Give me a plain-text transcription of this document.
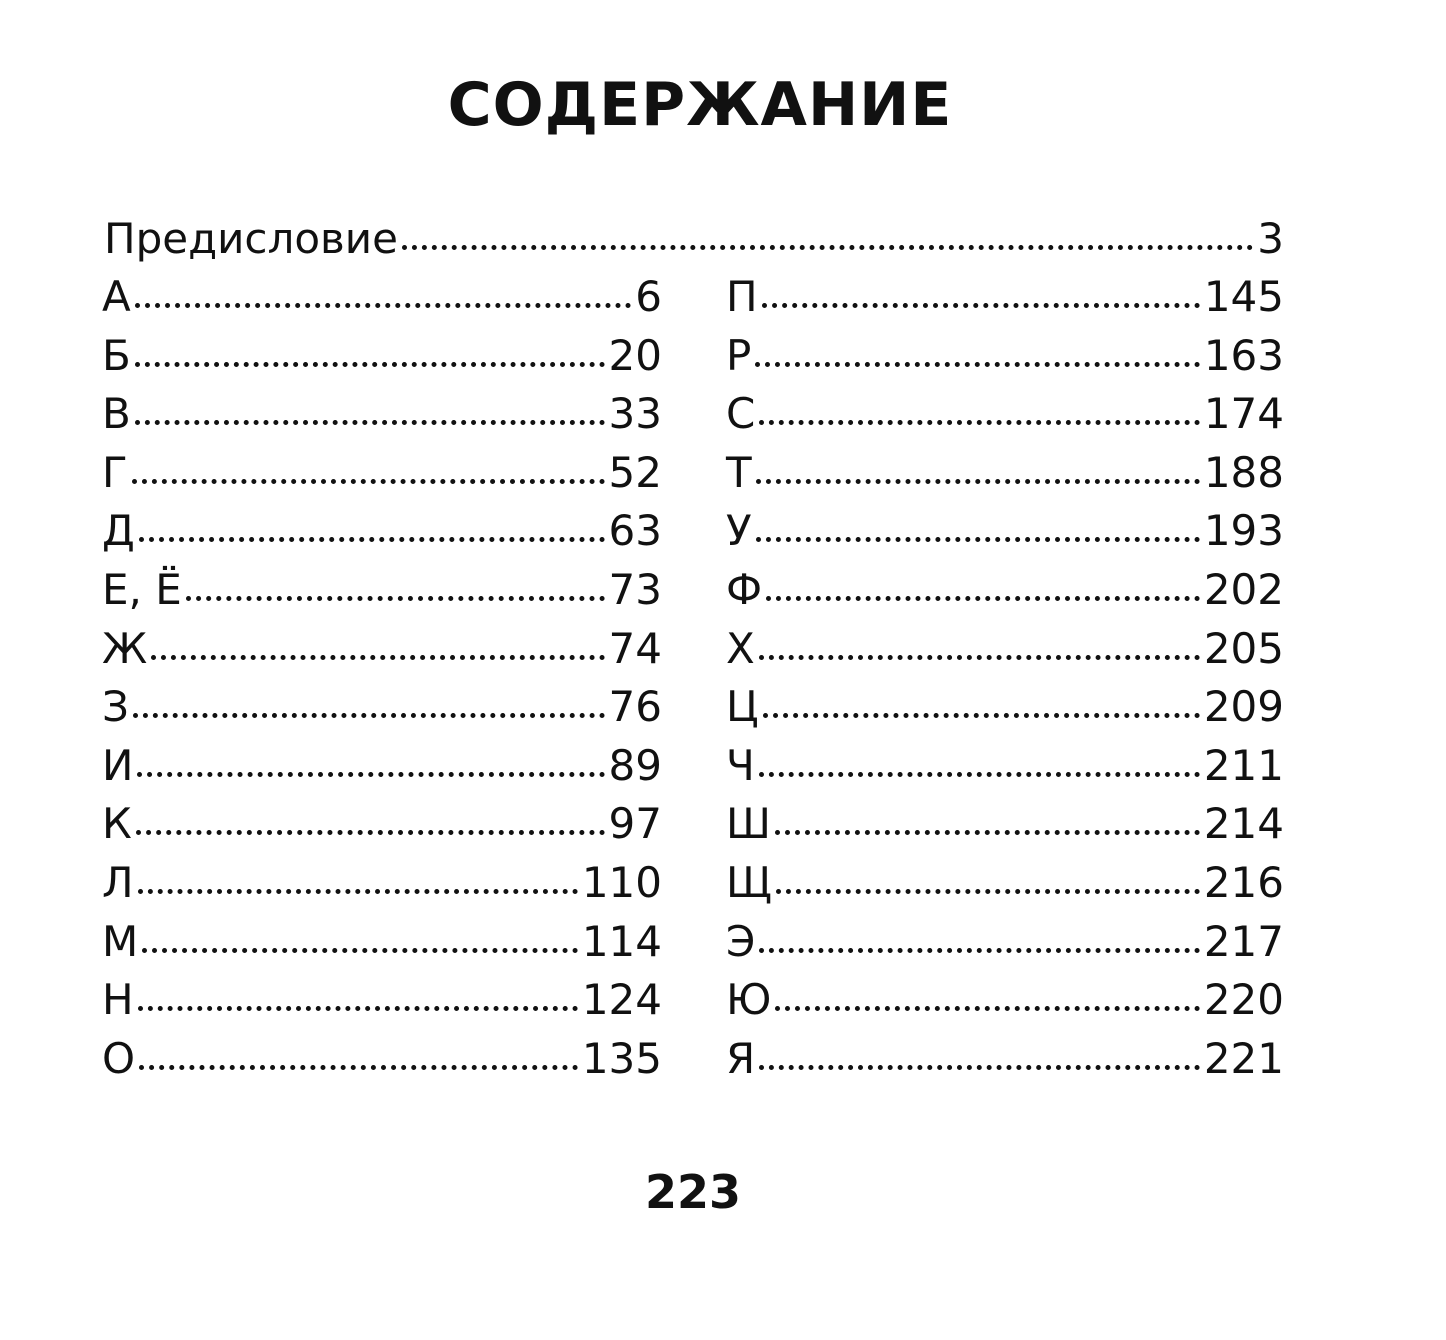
СОДЕРЖАНИЕ
Предисловие	3
А	6
Б	20
В	33
Г	52
Д	63
Е, Ё	73
Ж	74
З	76
И	89
К	97
Л	110
М	114
Н	124
О	135
П	145
Р	163
С	174
Т	188
У	193
Ф	202
Х	205
Ц	209
Ч	211
Ш	214
Щ	216
Э	217
Ю	220
Я	221
223
